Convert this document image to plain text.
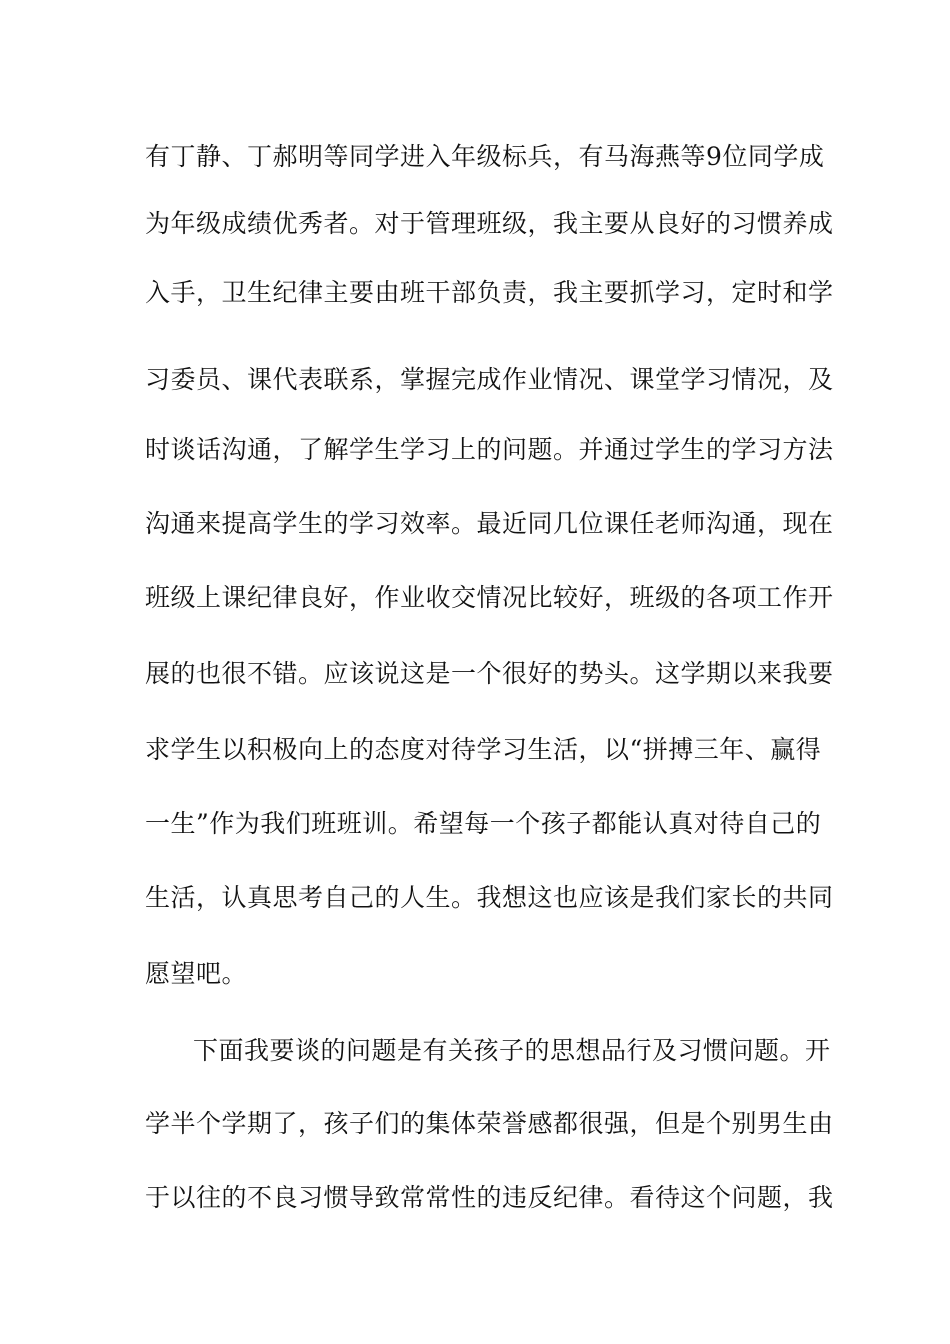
有丁静、丁郝明等同学进入年级标兵，有马海燕等9位同学成
为年级成绩优秀者。对于管理班级，我主要从良好的习惯养成
入手，卫生纪律主要由班干部负责，我主要抓学习，定时和学
习委员、课代表联系，掌握完成作业情况、课堂学习情况，及
时谈话沟通，了解学生学习上的问题。并通过学生的学习方法
沟通来提高学生的学习效率。最近同几位课任老师沟通，现在
班级上课纪律良好，作业收交情况比较好，班级的各项工作开
展的也很不错。应该说这是一个很好的势头。这学期以来我要
求学生以积极向上的态度对待学习生活，以“拼搏三年、赢得
一生”作为我们班班训。希望每一个孩子都能认真对待自己的
生活，认真思考自己的人生。我想这也应该是我们家长的共同
愿望吧。
下面我要谈的问题是有关孩子的思想品行及习惯问题。开
学半个学期了，孩子们的集体荣誉感都很强，但是个别男生由
于以往的不良习惯导致常常性的违反纪律。看待这个问题，我
